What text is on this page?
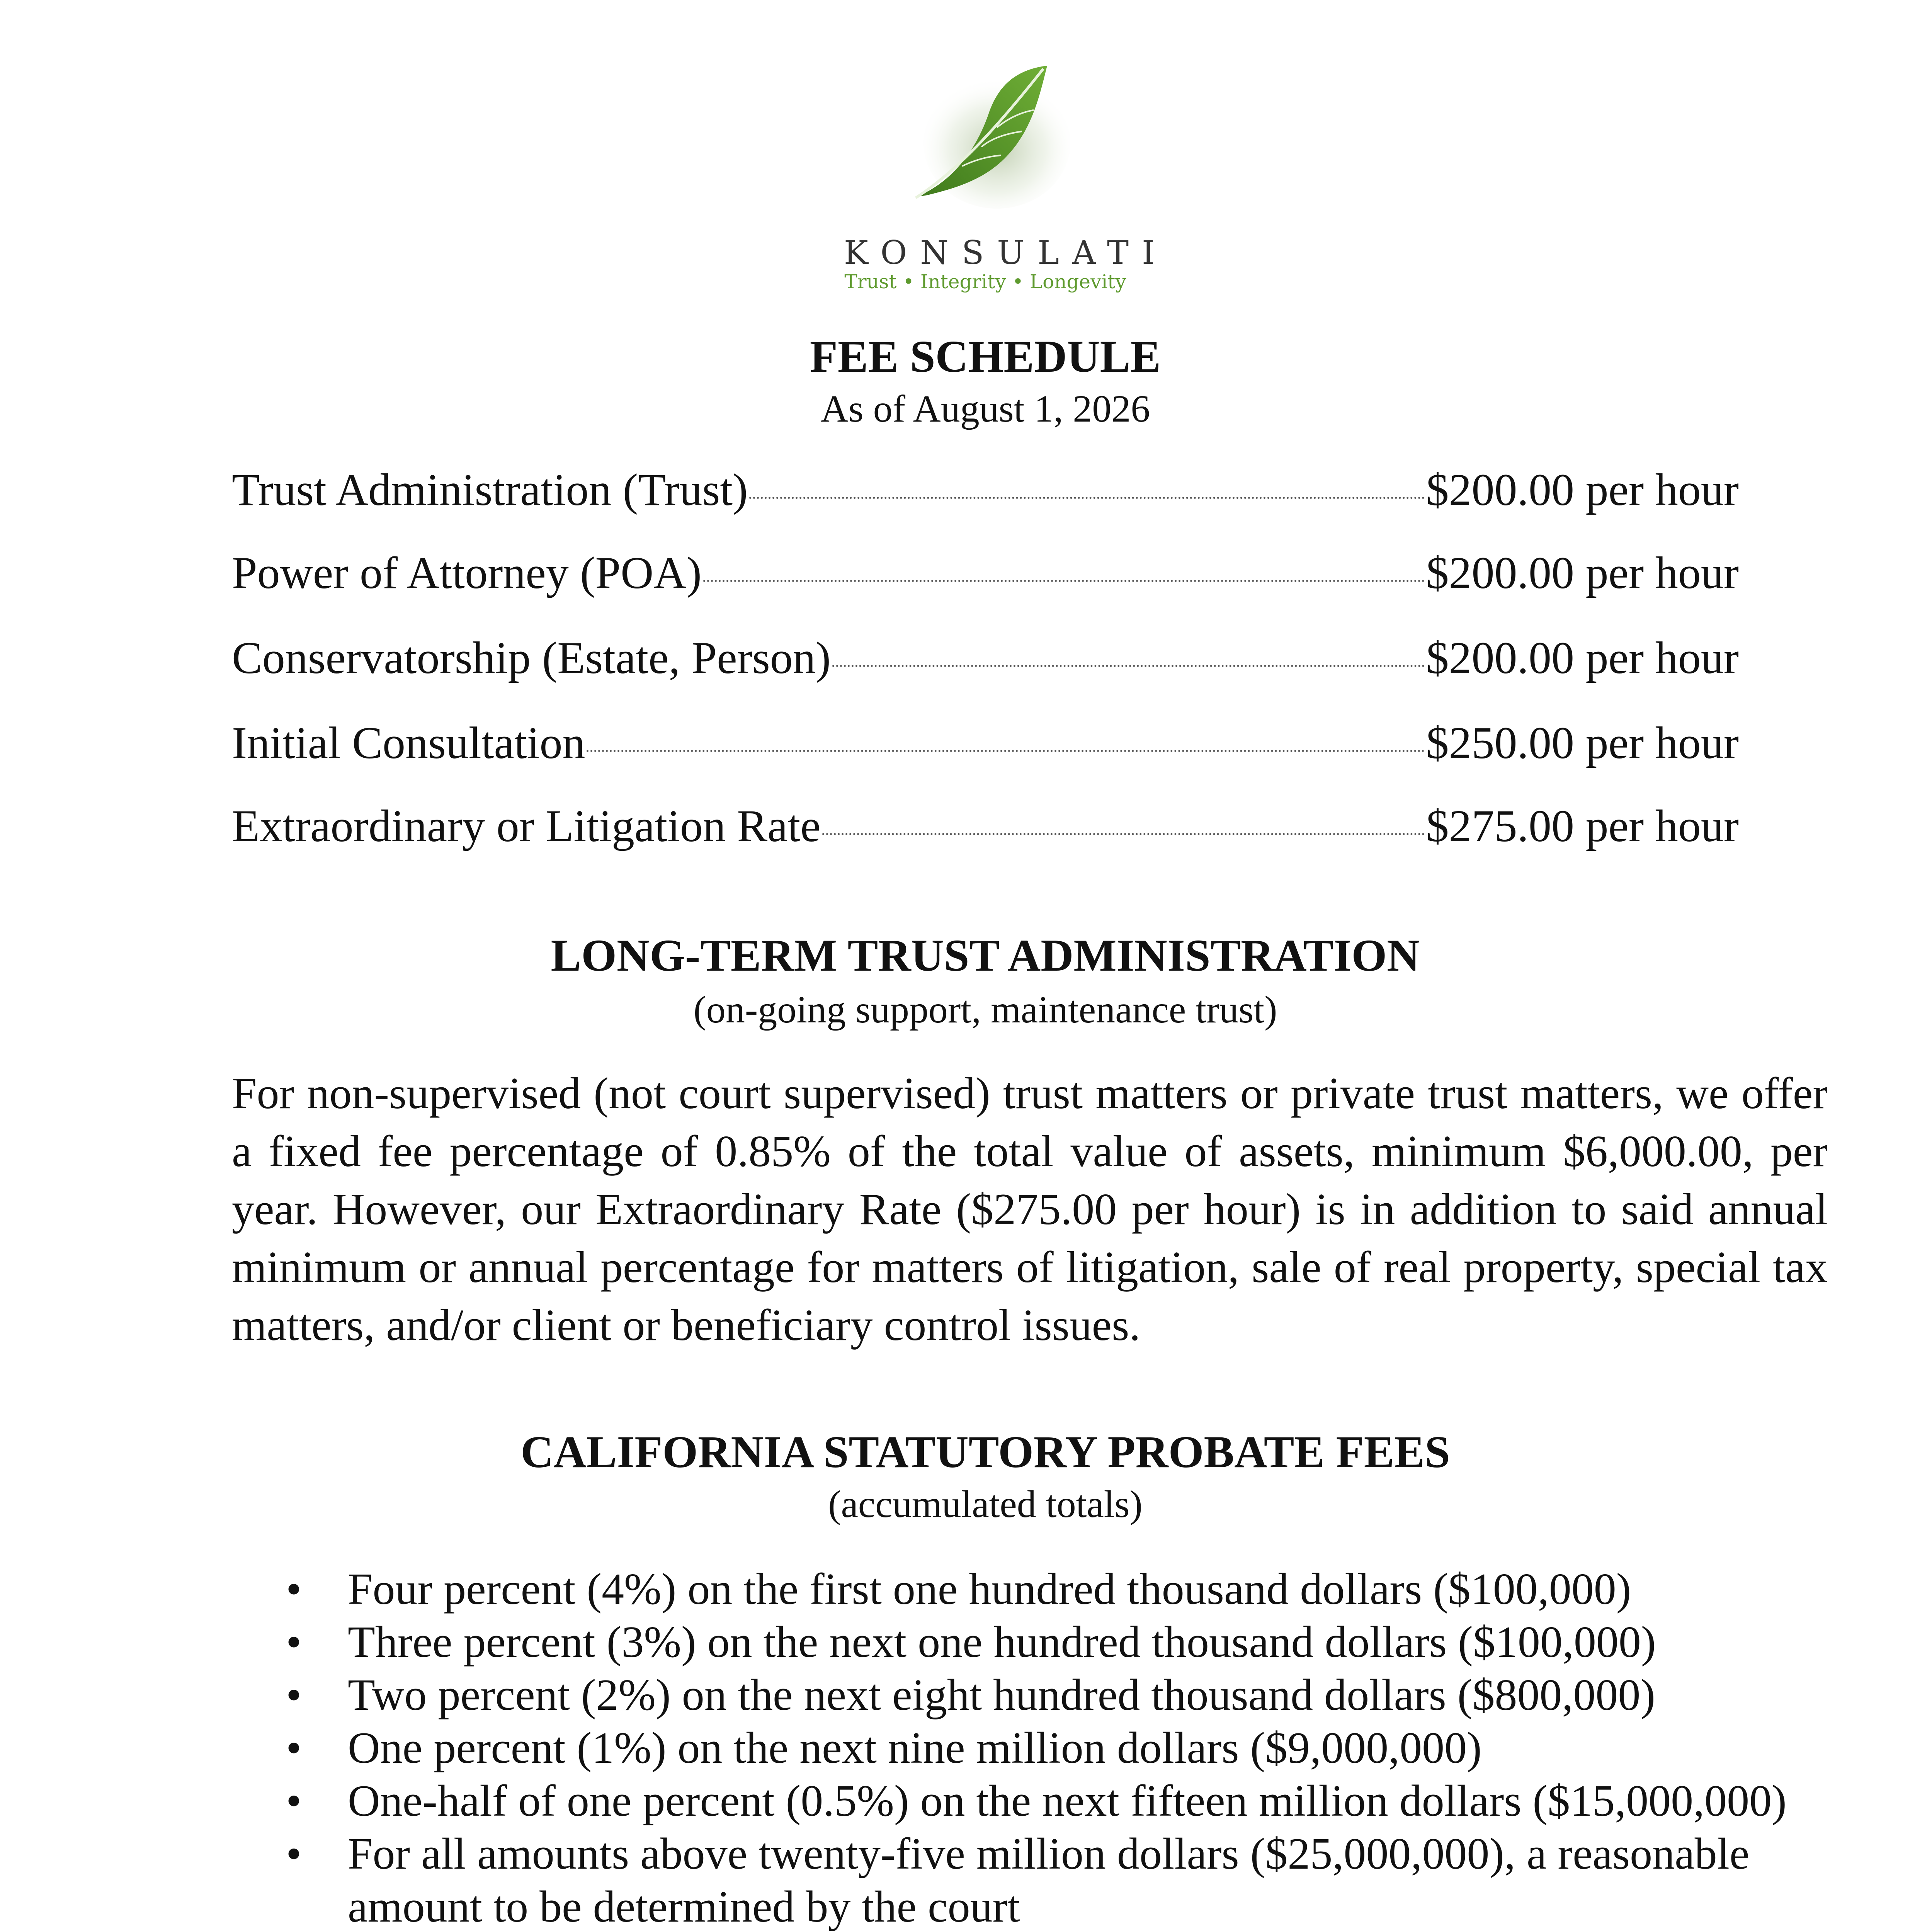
KONSULATI
Trust • Integrity • Longevity
FEE SCHEDULE
As of August 1, 2026
Trust Administration (Trust)	$200.00 per hour
Power of Attorney (POA)	$200.00 per hour
Conservatorship (Estate, Person)	$200.00 per hour
Initial Consultation	$250.00 per hour
Extraordinary or Litigation Rate	$275.00 per hour
LONG-TERM TRUST ADMINISTRATION
(on-going support, maintenance trust)
For non-supervised (not court supervised) trust matters or private trust matters, we offer a fixed fee percentage of 0.85% of the total value of assets, minimum $6,000.00, per year. However, our Extraordinary Rate ($275.00 per hour) is in addition to said annual minimum or annual percentage for matters of litigation, sale of real property, special tax matters, and/or client or beneficiary control issues.
CALIFORNIA STATUTORY PROBATE FEES
(accumulated totals)
• Four percent (4%) on the first one hundred thousand dollars ($100,000)
• Three percent (3%) on the next one hundred thousand dollars ($100,000)
• Two percent (2%) on the next eight hundred thousand dollars ($800,000)
• One percent (1%) on the next nine million dollars ($9,000,000)
• One-half of one percent (0.5%) on the next fifteen million dollars ($15,000,000)
• For all amounts above twenty-five million dollars ($25,000,000), a reasonable amount to be determined by the court
